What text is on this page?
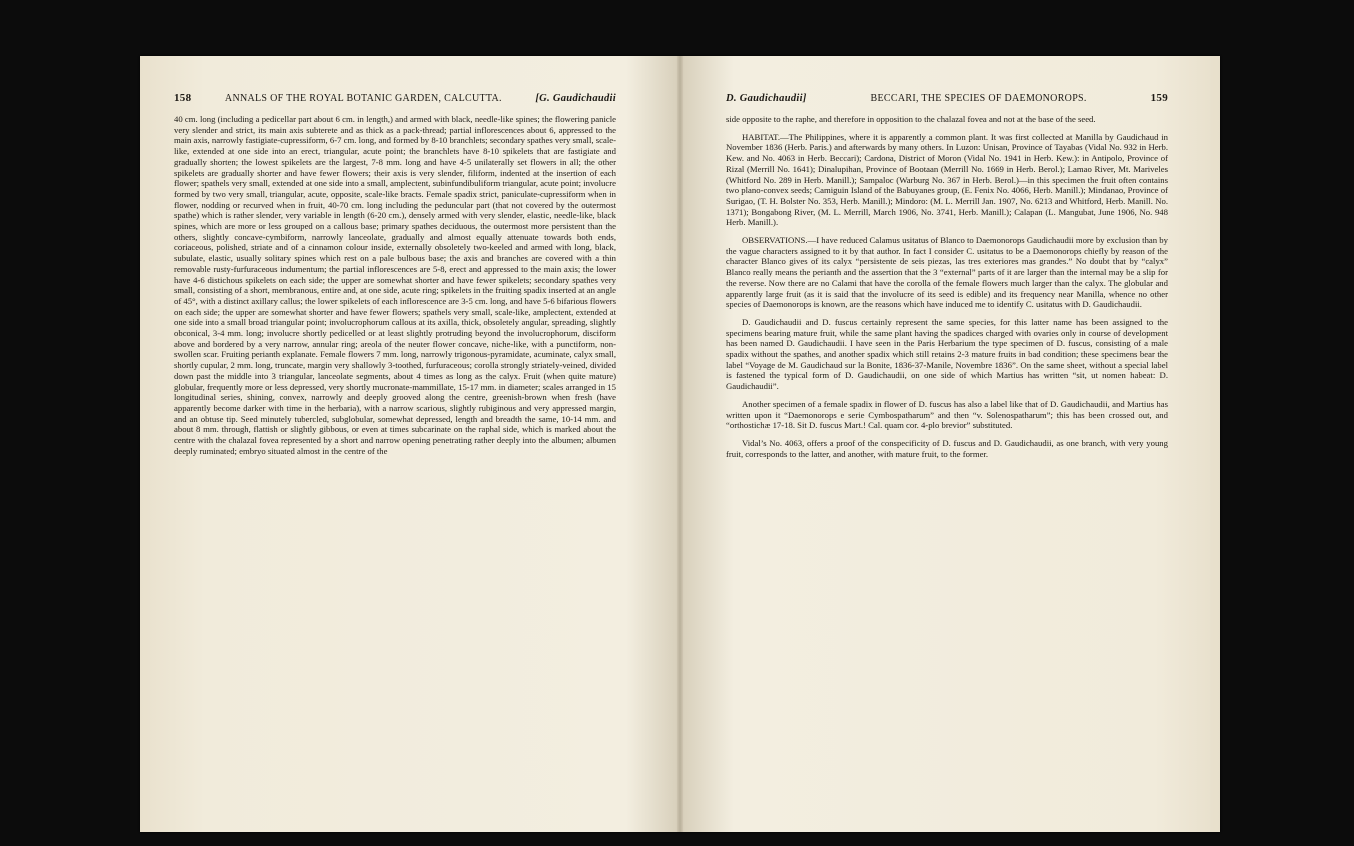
158	ANNALS OF THE ROYAL BOTANIC GARDEN, CALCUTTA.	[G. Gaudichaudii

40 cm. long (including a pedicellar part about 6 cm. in length,) and armed with black, needle-like spines; the flowering panicle very slender and strict, its main axis subterete and as thick as a pack-thread; partial inflorescences about 6, appressed to the main axis, narrowly fastigiate-cupressiform, 6-7 cm. long, and formed by 8-10 branchlets; secondary spathes very small, scale-like, extended at one side into an erect, triangular, acute point; the branchlets have 8-10 spikelets that are fastigiate and gradually shorten; the lowest spikelets are the largest, 7-8 mm. long and have 4-5 unilaterally set flowers in all; the other spikelets are gradually shorter and have fewer flowers; their axis is very slender, filiform, indented at the insertion of each flower; spathels very small, extended at one side into a small, amplectent, subinfundibuliform triangular, acute point; involucre formed by two very small, triangular, acute, opposite, scale-like bracts. Female spadix strict, paniculate-cupressiform when in flower, nodding or recurved when in fruit, 40-70 cm. long including the peduncular part (that not covered by the outermost spathe) which is rather slender, very variable in length (6-20 cm.), densely armed with very slender, elastic, needle-like, black spines, which are more or less grouped on a callous base; primary spathes deciduous, the outermost more persistent than the others, slightly concave-cymbiform, narrowly lanceolate, gradually and almost equally attenuate towards both ends, coriaceous, polished, striate and of a cinnamon colour inside, externally obsoletely two-keeled and armed with long, black, subulate, elastic, usually solitary spines which rest on a pale bulbous base; the axis and branches are covered with a thin removable rusty-furfuraceous indumentum; the partial inflorescences are 5-8, erect and appressed to the main axis; the lower have 4-6 distichous spikelets on each side; the upper are somewhat shorter and have fewer spikelets; secondary spathes very small, consisting of a short, membranous, entire and, at one side, acute ring; spikelets in the fruiting spadix inserted at an angle of 45°, with a distinct axillary callus; the lower spikelets of each inflorescence are 3-5 cm. long, and have 5-6 bifarious flowers on each side; the upper are somewhat shorter and have fewer flowers; spathels very small, scale-like, amplectent, extended at one side into a small broad triangular point; involucrophorum callous at its axilla, thick, obsoletely angular, spreading, slightly obconical, 3-4 mm. long; involucre shortly pedicelled or at least slightly protruding beyond the involucrophorum, disciform above and bordered by a very narrow, annular ring; areola of the neuter flower concave, niche-like, with a punctiform, non-swollen scar. Fruiting perianth explanate. Female flowers 7 mm. long, narrowly trigonous-pyramidate, acuminate, calyx small, shortly cupular, 2 mm. long, truncate, margin very shallowly 3-toothed, furfuraceous; corolla strongly striately-veined, divided down past the middle into 3 triangular, lanceolate segments, about 4 times as long as the calyx. Fruit (when quite mature) globular, frequently more or less depressed, very shortly mucronate-mammillate, 15-17 mm. in diameter; scales arranged in 15 longitudinal series, shining, convex, narrowly and deeply grooved along the centre, greenish-brown when fresh (have apparently become darker with time in the herbaria), with a narrow scarious, slightly rubiginous and very appressed margin, and an obtuse tip. Seed minutely tubercled, subglobular, somewhat depressed, length and breadth the same, 10-14 mm. and about 8 mm. through, flattish or slightly gibbous, or even at times subcarinate on the raphal side, which is marked about the centre with the chalazal fovea represented by a short and narrow opening penetrating rather deeply into the albumen; albumen deeply ruminated; embryo situated almost in the centre of the

D. Gaudichaudii]	BECCARI, THE SPECIES OF DAEMONOROPS.	159

side opposite to the raphe, and therefore in opposition to the chalazal fovea and not at the base of the seed.

HABITAT.—The Philippines, where it is apparently a common plant. It was first collected at Manilla by Gaudichaud in November 1836 (Herb. Paris.) and afterwards by many others. In Luzon: Unisan, Province of Tayabas (Vidal No. 932 in Herb. Kew. and No. 4063 in Herb. Beccari); Cardona, District of Moron (Vidal No. 1941 in Herb. Kew.): in Antipolo, Province of Rizal (Merrill No. 1641); Dinalupihan, Province of Bootaan (Merrill No. 1669 in Herb. Berol.); Lamao River, Mt. Mariveles (Whitford No. 289 in Herb. Manill.); Sampaloc (Warburg No. 367 in Herb. Berol.)—in this specimen the fruit often contains two plano-convex seeds; Camiguin Island of the Babuyanes group, (E. Fenix No. 4066, Herb. Manill.); Mindanao, Province of Surigao, (T. H. Bolster No. 353, Herb. Manill.); Mindoro: (M. L. Merrill Jan. 1907, No. 6213 and Whitford, Herb. Manill. No. 1371); Bongabong River, (M. L. Merrill, March 1906, No. 3741, Herb. Manill.); Calapan (L. Mangubat, June 1906, No. 948 Herb. Manill.).

OBSERVATIONS.—I have reduced Calamus usitatus of Blanco to Daemonorops Gaudichaudii more by exclusion than by the vague characters assigned to it by that author. In fact I consider C. usitatus to be a Daemonorops chiefly by reason of the character Blanco gives of its calyx “persistente de seis piezas, las tres exteriores mas grandes.” No doubt that by “calyx” Blanco really means the perianth and the assertion that the 3 “external” parts of it are larger than the internal may be a slip for the reverse. Now there are no Calami that have the corolla of the female flowers much larger than the calyx. The globular and apparently large fruit (as it is said that the involucre of its seed is edible) and its frequency near Manilla, whence no other species of Daemonorops is known, are the reasons which have induced me to identify C. usitatus with D. Gaudichaudii.

D. Gaudichaudii and D. fuscus certainly represent the same species, for this latter name has been assigned to the specimens bearing mature fruit, while the same plant having the spadices charged with ovaries only in course of development has been named D. Gaudichaudii. I have seen in the Paris Herbarium the type specimen of D. fuscus, consisting of a male spadix without the spathes, and another spadix which still retains 2-3 mature fruits in bad condition; these specimens bear the label “Voyage de M. Gaudichaud sur la Bonite, 1836-37-Manile, Novembre 1836”. On the same sheet, without a special label is fastened the typical form of D. Gaudichaudii, on one side of which Martius has written “sit, ut nomen habeat: D. Gaudichaudii”.

Another specimen of a female spadix in flower of D. fuscus has also a label like that of D. Gaudichaudii, and Martius has written upon it “Daemonorops e serie Cymbospatharum” and then “v. Solenospatharum”; this has been crossed out, and “orthostichæ 17-18. Sit D. fuscus Mart.! Cal. quam cor. 4-plo brevior” substituted.

Vidal’s No. 4063, offers a proof of the conspecificity of D. fuscus and D. Gaudichaudii, as one branch, with very young fruit, corresponds to the latter, and another, with mature fruit, to the former.
